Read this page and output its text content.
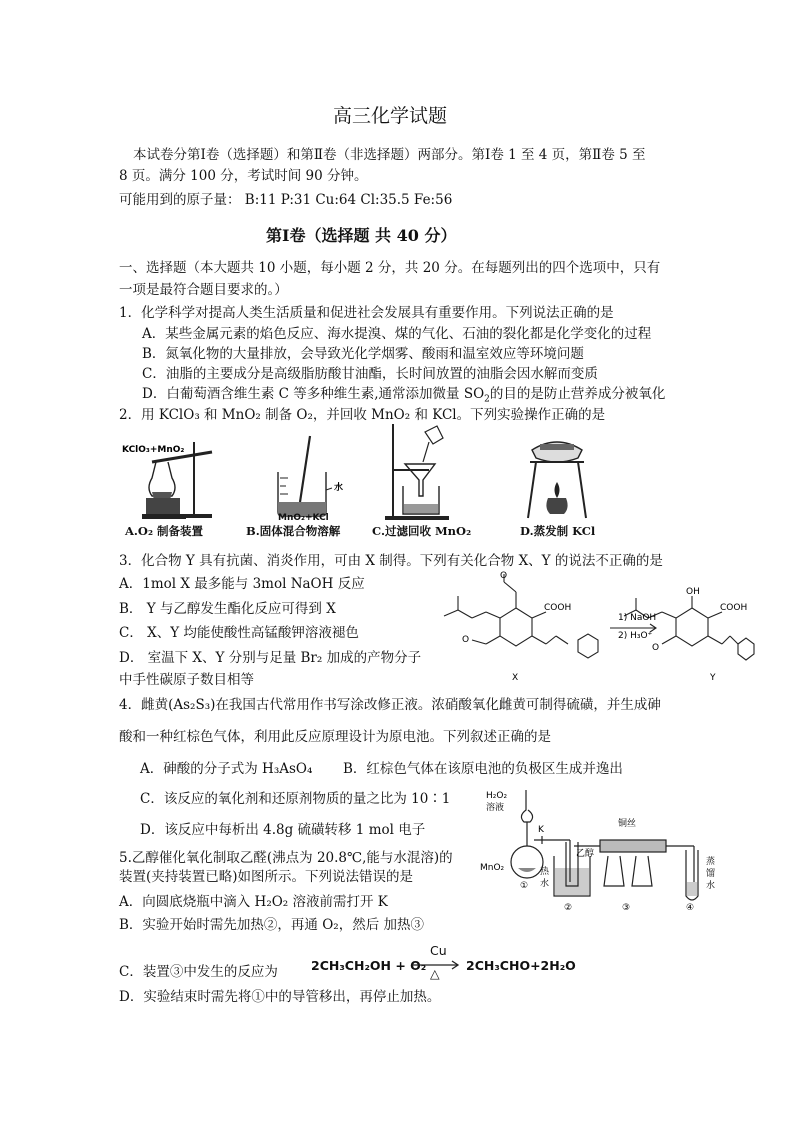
高三化学试题
本试卷分第Ⅰ卷（选择题）和第Ⅱ卷（非选择题）两部分。第Ⅰ卷 1 至 4 页，第Ⅱ卷 5 至
8 页。满分 100 分，考试时间 90 分钟。
可能用到的原子量： B:11 P:31 Cu:64 Cl:35.5 Fe:56
第Ⅰ卷（选择题 共 40 分）
一、选择题（本大题共 10 小题，每小题 2 分，共 20 分。在每题列出的四个选项中，只有
一项是最符合题目要求的。）
1．化学科学对提高人类生活质量和促进社会发展具有重要作用。下列说法正确的是
A．某些金属元素的焰色反应、海水提溴、煤的气化、石油的裂化都是化学变化的过程
B．氮氧化物的大量排放，会导致光化学烟雾、酸雨和温室效应等环境问题
C．油脂的主要成分是高级脂肪酸甘油酯，长时间放置的油脂会因水解而变质
D．白葡萄酒含维生素 C 等多种维生素,通常添加微量 $SO_2$的目的是防止营养成分被氧化
2．用 KClO₃ 和 MnO₂ 制备 O₂，并回收 MnO₂ 和 KCl。下列实验操作正确的是
KClO₃+MnO₂
A.O₂ 制备装置
水
MnO₂+KCl
B.固体混合物溶解	C.过滤回收 MnO₂	D.蒸发制 KCl
3．化合物 Y 具有抗菌、消炎作用，可由 X 制得。下列有关化合物 X、Y 的说法不正确的是
A．1mol X 最多能与 3mol NaOH 反应
B． Y 与乙醇发生酯化反应可得到 X
C． X、Y 均能使酸性高锰酸钾溶液褪色
D． 室温下 X、Y 分别与足量 Br₂ 加成的产物分子
中手性碳原子数目相等
O
COOH
O
X
1) NaOH
2) H₃O⁺
OH
COOH
O
Y
4．雌黄(As₂S₃)在我国古代常用作书写涂改修正液。浓硝酸氧化雌黄可制得硫磺，并生成砷
酸和一种红棕色气体，利用此反应原理设计为原电池。下列叙述正确的是
A．砷酸的分子式为 H₃AsO₄ B．红棕色气体在该原电池的负极区生成并逸出
C．该反应的氧化剂和还原剂物质的量之比为 10∶1
D．该反应中每析出 4.8g 硫磺转移 1 mol 电子
H₂O₂
溶液
K
MnO₂
铜丝
乙醇
热
水
蒸
馏
水
①
②	③	④
5.乙醇催化氧化制取乙醛(沸点为 20.8℃,能与水混溶)的
装置(夹持装置已略)如图所示。下列说法错误的是
A．向圆底烧瓶中滴入 H₂O₂ 溶液前需打开 K
B．实验开始时需先加热②，再通 O₂，然后 加热③
C．装置③中发生的反应为	2CH₃CH₂OH + O₂
Cu
△
2CH₃CHO+2H₂O
D．实验结束时需先将①中的导管移出，再停止加热。
